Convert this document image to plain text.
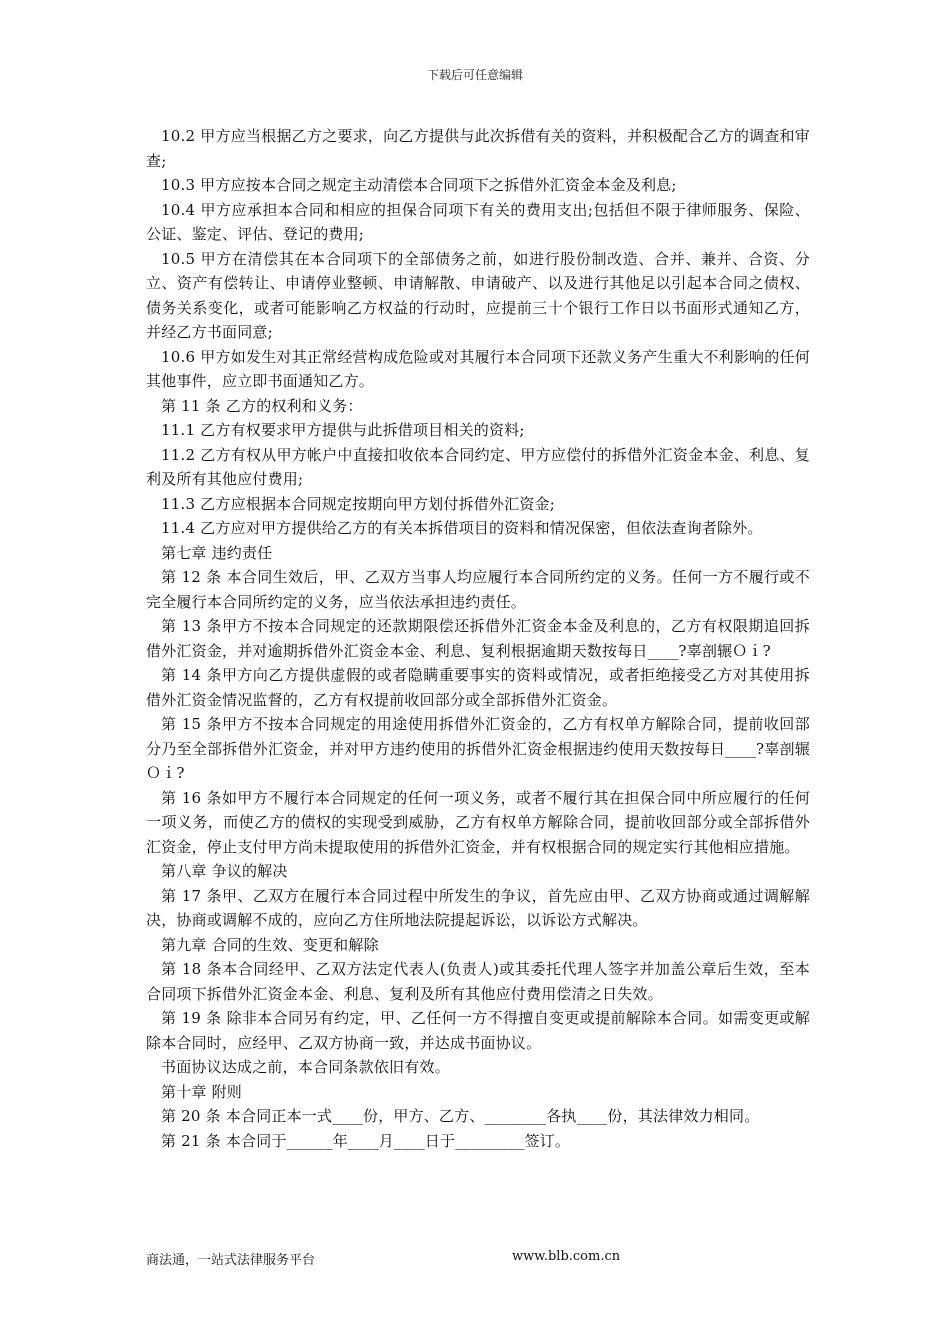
下载后可任意编辑

10.2 甲方应当根据乙方之要求，向乙方提供与此次拆借有关的资料，并积极配合乙方的调查和审查;

10.3 甲方应按本合同之规定主动清偿本合同项下之拆借外汇资金本金及利息;

10.4 甲方应承担本合同和相应的担保合同项下有关的费用支出;包括但不限于律师服务、保险、公证、鉴定、评估、登记的费用;

10.5 甲方在清偿其在本合同项下的全部债务之前，如进行股份制改造、合并、兼并、合资、分立、资产有偿转让、申请停业整顿、申请解散、申请破产、以及进行其他足以引起本合同之债权、债务关系变化，或者可能影响乙方权益的行动时，应提前三十个银行工作日以书面形式通知乙方，并经乙方书面同意;

10.6 甲方如发生对其正常经营构成危险或对其履行本合同项下还款义务产生重大不利影响的任何其他事件，应立即书面通知乙方。

第 11 条 乙方的权利和义务：

11.1 乙方有权要求甲方提供与此拆借项目相关的资料;

11.2 乙方有权从甲方帐户中直接扣收依本合同约定、甲方应偿付的拆借外汇资金本金、利息、复利及所有其他应付费用;

11.3 乙方应根据本合同规定按期向甲方划付拆借外汇资金;

11.4 乙方应对甲方提供给乙方的有关本拆借项目的资料和情况保密，但依法查询者除外。

第七章 违约责任

第 12 条 本合同生效后，甲、乙双方当事人均应履行本合同所约定的义务。任何一方不履行或不完全履行本合同所约定的义务，应当依法承担违约责任。

第 13 条甲方不按本合同规定的还款期限偿还拆借外汇资金本金及利息的，乙方有权限期追回拆借外汇资金，并对逾期拆借外汇资金本金、利息、复利根据逾期天数按每日____?辜剖辗Ｏｉ?

第 14 条甲方向乙方提供虚假的或者隐瞒重要事实的资料或情况，或者拒绝接受乙方对其使用拆借外汇资金情况监督的，乙方有权提前收回部分或全部拆借外汇资金。

第 15 条甲方不按本合同规定的用途使用拆借外汇资金的，乙方有权单方解除合同，提前收回部分乃至全部拆借外汇资金，并对甲方违约使用的拆借外汇资金根据违约使用天数按每日____?辜剖辗Ｏｉ?

第 16 条如甲方不履行本合同规定的任何一项义务，或者不履行其在担保合同中所应履行的任何一项义务，而使乙方的债权的实现受到威胁，乙方有权单方解除合同，提前收回部分或全部拆借外汇资金，停止支付甲方尚未提取使用的拆借外汇资金，并有权根据合同的规定实行其他相应措施。

第八章 争议的解决

第 17 条甲、乙双方在履行本合同过程中所发生的争议，首先应由甲、乙双方协商或通过调解解决，协商或调解不成的，应向乙方住所地法院提起诉讼，以诉讼方式解决。

第九章 合同的生效、变更和解除

第 18 条本合同经甲、乙双方法定代表人(负责人)或其委托代理人签字并加盖公章后生效，至本合同项下拆借外汇资金本金、利息、复利及所有其他应付费用偿清之日失效。

第 19 条 除非本合同另有约定，甲、乙任何一方不得擅自变更或提前解除本合同。如需变更或解除本合同时，应经甲、乙双方协商一致，并达成书面协议。

书面协议达成之前，本合同条款依旧有效。

第十章 附则

第 20 条 本合同正本一式____份，甲方、乙方、________各执____份，其法律效力相同。

第 21 条 本合同于______年____月____日于_________签订。

商法通，一站式法律服务平台	www.blb.com.cn
